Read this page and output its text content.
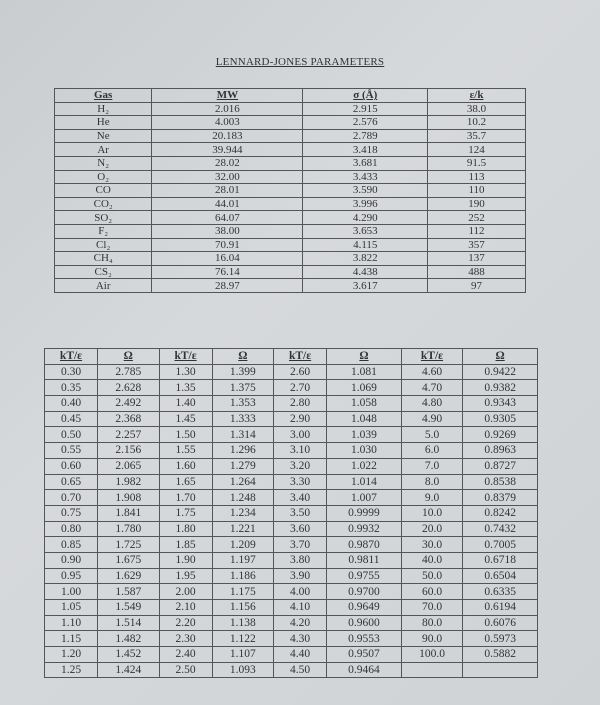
LENNARD-JONES PARAMETERS
Gas	MW	σ (Å)	ε/k
H₂	2.016	2.915	38.0
He	4.003	2.576	10.2
Ne	20.183	2.789	35.7
Ar	39.944	3.418	124
N₂	28.02	3.681	91.5
O₂	32.00	3.433	113
CO	28.01	3.590	110
CO₂	44.01	3.996	190
SO₂	64.07	4.290	252
F₂	38.00	3.653	112
Cl₂	70.91	4.115	357
CH₄	16.04	3.822	137
CS₂	76.14	4.438	488
Air	28.97	3.617	97
kT/ε	Ω	kT/ε	Ω	kT/ε	Ω	kT/ε	Ω
0.30	2.785	1.30	1.399	2.60	1.081	4.60	0.9422
0.35	2.628	1.35	1.375	2.70	1.069	4.70	0.9382
0.40	2.492	1.40	1.353	2.80	1.058	4.80	0.9343
0.45	2.368	1.45	1.333	2.90	1.048	4.90	0.9305
0.50	2.257	1.50	1.314	3.00	1.039	5.0	0.9269
0.55	2.156	1.55	1.296	3.10	1.030	6.0	0.8963
0.60	2.065	1.60	1.279	3.20	1.022	7.0	0.8727
0.65	1.982	1.65	1.264	3.30	1.014	8.0	0.8538
0.70	1.908	1.70	1.248	3.40	1.007	9.0	0.8379
0.75	1.841	1.75	1.234	3.50	0.9999	10.0	0.8242
0.80	1.780	1.80	1.221	3.60	0.9932	20.0	0.7432
0.85	1.725	1.85	1.209	3.70	0.9870	30.0	0.7005
0.90	1.675	1.90	1.197	3.80	0.9811	40.0	0.6718
0.95	1.629	1.95	1.186	3.90	0.9755	50.0	0.6504
1.00	1.587	2.00	1.175	4.00	0.9700	60.0	0.6335
1.05	1.549	2.10	1.156	4.10	0.9649	70.0	0.6194
1.10	1.514	2.20	1.138	4.20	0.9600	80.0	0.6076
1.15	1.482	2.30	1.122	4.30	0.9553	90.0	0.5973
1.20	1.452	2.40	1.107	4.40	0.9507	100.0	0.5882
1.25	1.424	2.50	1.093	4.50	0.9464		
